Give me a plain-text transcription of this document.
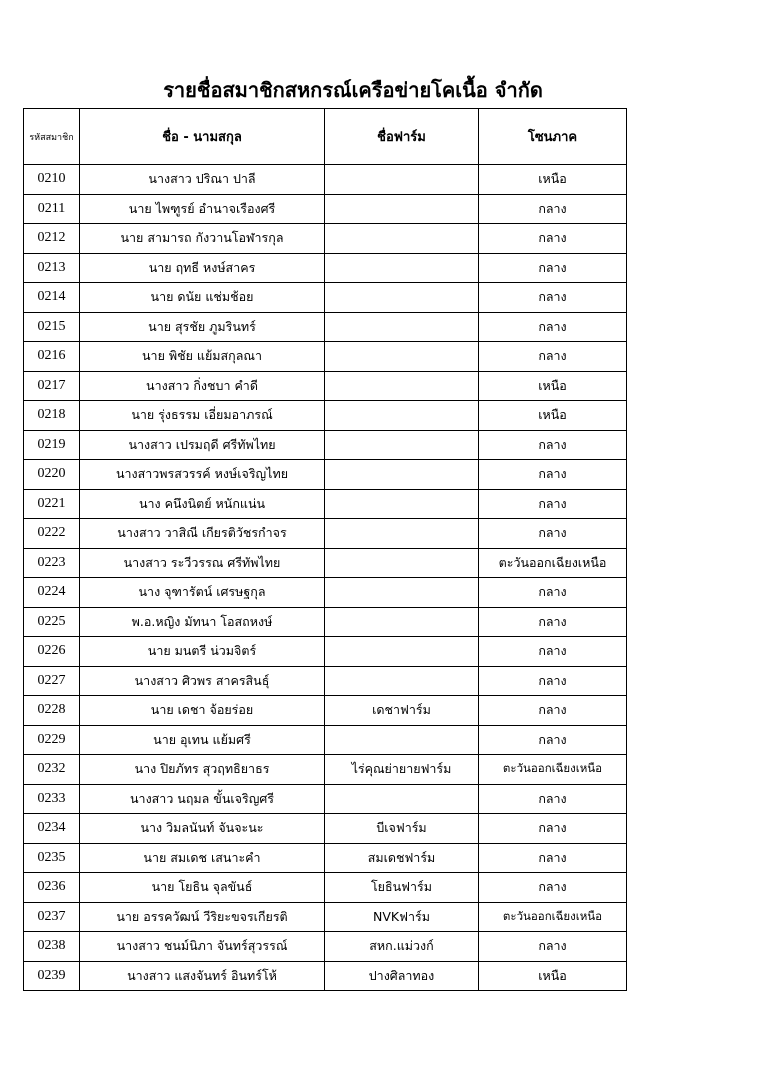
รายชื่อสมาชิกสหกรณ์เครือข่ายโคเนื้อ จำกัด
รหัสสมาชิก	ชื่อ - นามสกุล	ชื่อฟาร์ม	โซนภาค
0210	นางสาว ปริณา ปาลี		เหนือ
0211	นาย ไพฑูรย์ อำนาจเรืองศรี		กลาง
0212	นาย สามารถ กังวานโอฬารกุล		กลาง
0213	นาย ฤทธี หงษ์สาคร		กลาง
0214	นาย ดนัย แช่มช้อย		กลาง
0215	นาย สุรชัย ภูมรินทร์		กลาง
0216	นาย พิชัย แย้มสกุลณา		กลาง
0217	นางสาว กิ่งชบา คำดี		เหนือ
0218	นาย รุ่งธรรม เอี่ยมอาภรณ์		เหนือ
0219	นางสาว เปรมฤดี ศรีทัพไทย		กลาง
0220	นางสาวพรสวรรค์ หงษ์เจริญไทย		กลาง
0221	นาง คนึงนิตย์ หนักแน่น		กลาง
0222	นางสาว วาสิณี เกียรติวัชรกำจร		กลาง
0223	นางสาว ระวีวรรณ ศรีทัพไทย		ตะวันออกเฉียงเหนือ
0224	นาง จุฑารัตน์ เศรษฐกุล		กลาง
0225	พ.อ.หญิง มัทนา โอสถหงษ์		กลาง
0226	นาย มนตรี น่วมจิตร์		กลาง
0227	นางสาว ศิวพร สาครสินธุ์		กลาง
0228	นาย เดชา จ้อยร่อย	เดชาฟาร์ม	กลาง
0229	นาย อุเทน แย้มศรี		กลาง
0232	นาง ปิยภัทร สุวฤทธิยาธร	ไร่คุณย่ายายฟาร์ม	ตะวันออกเฉียงเหนือ
0233	นางสาว นฤมล ขั้นเจริญศรี		กลาง
0234	นาง วิมลนันท์ จันจะนะ	บีเจฟาร์ม	กลาง
0235	นาย สมเดช เสนาะคำ	สมเดชฟาร์ม	กลาง
0236	นาย โยธิน จุลขันธ์	โยธินฟาร์ม	กลาง
0237	นาย อรรควัฒน์ วีริยะขจรเกียรติ	NVKฟาร์ม	ตะวันออกเฉียงเหนือ
0238	นางสาว ชนม์นิภา จันทร์สุวรรณ์	สหก.แม่วงก์	กลาง
0239	นางสาว แสงจันทร์ อินทร์โห้	ปางศิลาทอง	เหนือ
